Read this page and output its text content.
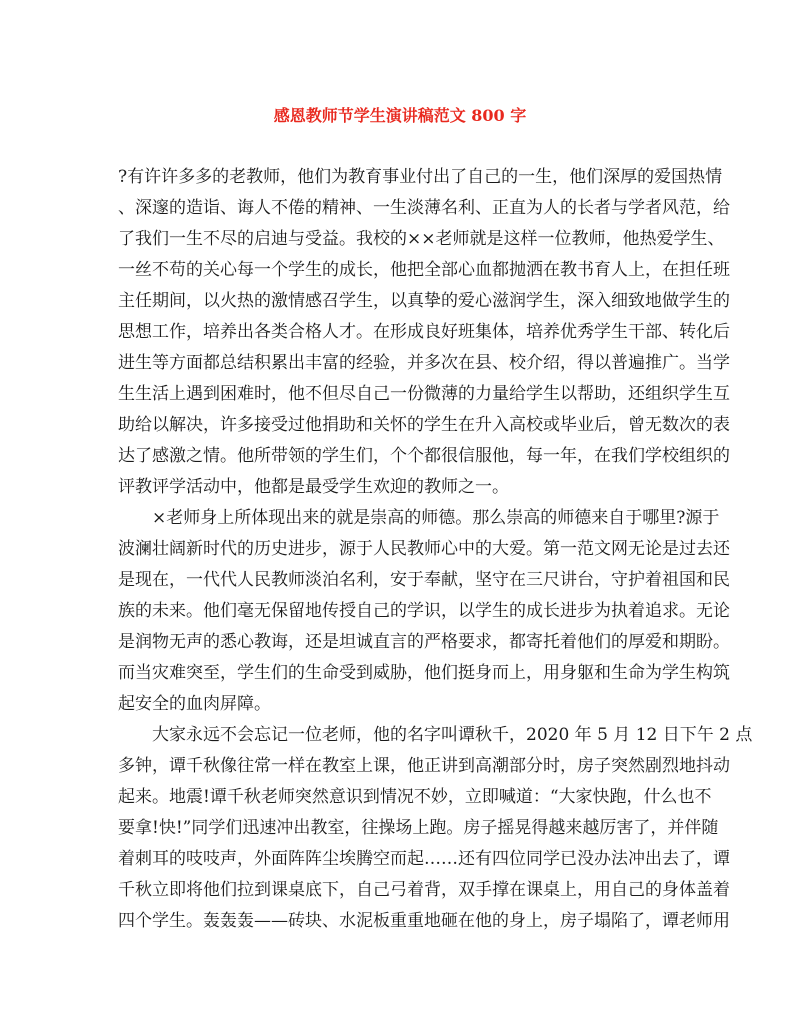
感恩教师节学生演讲稿范文 800 字
?有许许多多的老教师，他们为教育事业付出了自己的一生，他们深厚的爱国热情
、深邃的造诣、诲人不倦的精神、一生淡薄名利、正直为人的长者与学者风范，给
了我们一生不尽的启迪与受益。我校的××老师就是这样一位教师，他热爱学生、
一丝不苟的关心每一个学生的成长，他把全部心血都抛洒在教书育人上，在担任班
主任期间，以火热的激情感召学生，以真挚的爱心滋润学生，深入细致地做学生的
思想工作，培养出各类合格人才。在形成良好班集体，培养优秀学生干部、转化后
进生等方面都总结积累出丰富的经验，并多次在县、校介绍，得以普遍推广。当学
生生活上遇到困难时，他不但尽自己一份微薄的力量给学生以帮助，还组织学生互
助给以解决，许多接受过他捐助和关怀的学生在升入高校或毕业后，曾无数次的表
达了感激之情。他所带领的学生们，个个都很信服他，每一年，在我们学校组织的
评教评学活动中，他都是最受学生欢迎的教师之一。
×老师身上所体现出来的就是崇高的师德。那么崇高的师德来自于哪里?源于
波澜壮阔新时代的历史进步，源于人民教师心中的大爱。第一范文网无论是过去还
是现在，一代代人民教师淡泊名利，安于奉献，坚守在三尺讲台，守护着祖国和民
族的未来。他们毫无保留地传授自己的学识，以学生的成长进步为执着追求。无论
是润物无声的悉心教诲，还是坦诚直言的严格要求，都寄托着他们的厚爱和期盼。
而当灾难突至，学生们的生命受到威胁，他们挺身而上，用身躯和生命为学生构筑
起安全的血肉屏障。
大家永远不会忘记一位老师，他的名字叫谭秋千，2020 年 5 月 12 日下午 2 点
多钟，谭千秋像往常一样在教室上课，他正讲到高潮部分时，房子突然剧烈地抖动
起来。地震!谭千秋老师突然意识到情况不妙，立即喊道：“大家快跑，什么也不
要拿!快!”同学们迅速冲出教室，往操场上跑。房子摇晃得越来越厉害了，并伴随
着刺耳的吱吱声，外面阵阵尘埃腾空而起……还有四位同学已没办法冲出去了，谭
千秋立即将他们拉到课桌底下，自己弓着背，双手撑在课桌上，用自己的身体盖着
四个学生。轰轰轰——砖块、水泥板重重地砸在他的身上，房子塌陷了，谭老师用
